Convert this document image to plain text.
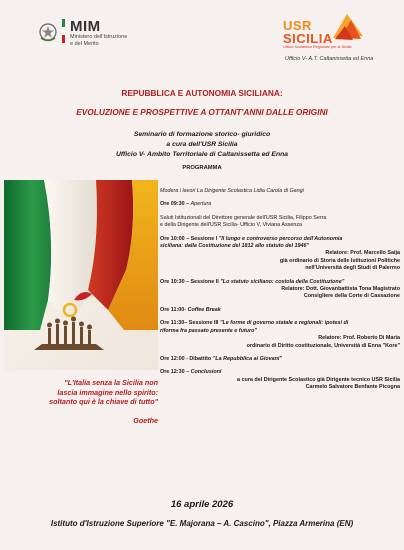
MIM
Ministero dell'Istruzione
e del Merito
USR
SICILIA
Ufficio Scolastico Regionale per la Sicilia
Ufficio V- A.T. Caltanissetta ed Enna
REPUBBLICA E AUTONOMIA SICILIANA:
EVOLUZIONE E PROSPETTIVE A OTTANT'ANNI DALLE ORIGINI
Seminario di formazione storico- giuridico
a cura dell'USR Sicilia
Ufficio V- Ambito Territoriale di Caltanissetta ed Enna
PROGRAMMA
"L'Italia senza la Sicilia non
lascia immagine nello spirito:
soltanto qui è la chiave di tutto"
Goethe

Modera i lavori La Dirigente Scolastica Lidia Carola di Gangi

Ore 09:30 – Apertura

Saluti Istituzionali del Direttore generale dell'USR Sicilia, Filippo Serra

e della Dirigente dell'USR Sicilia- Ufficio V, Viviana Assenza

Ore 10:00 – Sessione I "Il lungo e controverso percorso dell'Autonomia

siciliana: dalla Costituzione del 1812 allo statuto del 1946"

Relatore: Prof. Marcello Saija

già ordinario di Storia delle Istituzioni Politiche

nell'Università degli Studi di Palermo

Ore 10:30 – Sessione II "Lo statuto siciliano: costola della Costituzione"

Relatore: Dott. Giovanbattista Tona Magistrato

Consigliere della Corte di Cassazione

Ore 11:00- Coffee Break

Ore 11:30– Sessione III "Le forme di governo statale e regionali: ipotesi di

riforma fra passato presente e futuro"

Relatore: Prof. Roberto Di Maria

ordinario di Diritto costituzionale, Università di Enna "Kore"

Ore 12:00 - Dibattito "La Repubblica ai Giovani"

Ore 12:30 – Conclusioni

a cura del Dirigente Scolastico già Dirigente tecnico USR Sicilia

Carmelo Salvatore Benfante Picogna

16 aprile 2026
Istituto d'Istruzione Superiore "E. Majorana – A. Cascino", Piazza Armerina (EN)
